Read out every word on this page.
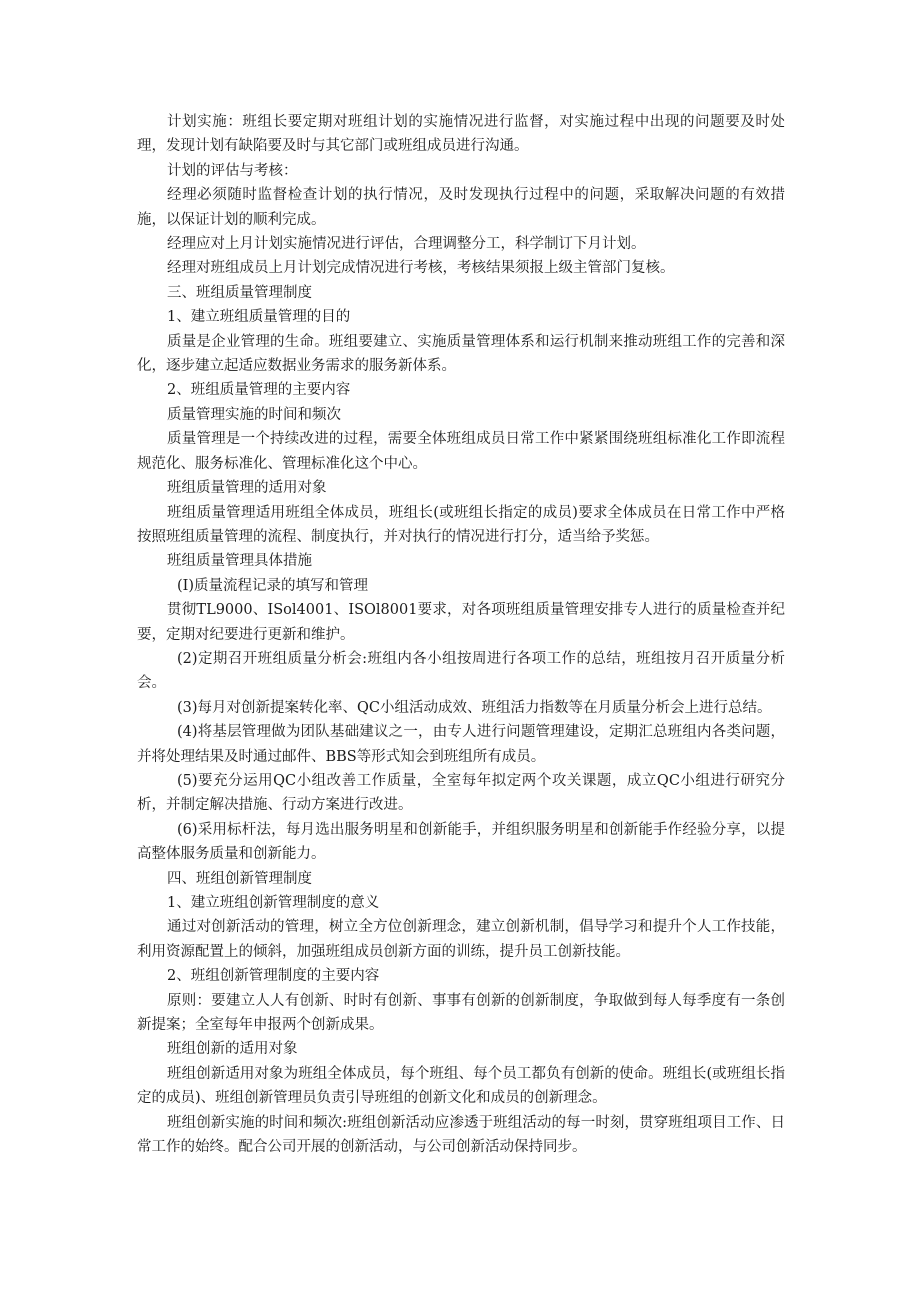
计划实施：班组长要定期对班组计划的实施情况进行监督，对实施过程中出现的问题要及时处理，发现计划有缺陷要及时与其它部门或班组成员进行沟通。

计划的评估与考核：

经理必须随时监督检查计划的执行情况，及时发现执行过程中的问题，采取解决问题的有效措施，以保证计划的顺利完成。

经理应对上月计划实施情况进行评估，合理调整分工，科学制订下月计划。

经理对班组成员上月计划完成情况进行考核，考核结果须报上级主管部门复核。

三、班组质量管理制度

1、建立班组质量管理的目的

质量是企业管理的生命。班组要建立、实施质量管理体系和运行机制来推动班组工作的完善和深化，逐步建立起适应数据业务需求的服务新体系。

2、班组质量管理的主要内容

质量管理实施的时间和频次

质量管理是一个持续改进的过程，需要全体班组成员日常工作中紧紧围绕班组标准化工作即流程规范化、服务标准化、管理标准化这个中心。

班组质量管理的适用对象

班组质量管理适用班组全体成员，班组长(或班组长指定的成员)要求全体成员在日常工作中严格按照班组质量管理的流程、制度执行，并对执行的情况进行打分，适当给予奖惩。

班组质量管理具体措施

(I)质量流程记录的填写和管理

贯彻TL9000、ISol4001、ISOl8001要求，对各项班组质量管理安排专人进行的质量检查并纪要，定期对纪要进行更新和维护。

(2)定期召开班组质量分析会:班组内各小组按周进行各项工作的总结，班组按月召开质量分析会。

(3)每月对创新提案转化率、QC小组活动成效、班组活力指数等在月质量分析会上进行总结。

(4)将基层管理做为团队基础建议之一，由专人进行问题管理建设，定期汇总班组内各类问题，并将处理结果及时通过邮件、BBS等形式知会到班组所有成员。

(5)要充分运用QC小组改善工作质量，全室每年拟定两个攻关课题，成立QC小组进行研究分析，并制定解决措施、行动方案进行改进。

(6)采用标杆法，每月选出服务明星和创新能手，并组织服务明星和创新能手作经验分享，以提高整体服务质量和创新能力。

四、班组创新管理制度

1、建立班组创新管理制度的意义

通过对创新活动的管理，树立全方位创新理念，建立创新机制，倡导学习和提升个人工作技能，利用资源配置上的倾斜，加强班组成员创新方面的训练，提升员工创新技能。

2、班组创新管理制度的主要内容

原则：要建立人人有创新、时时有创新、事事有创新的创新制度，争取做到每人每季度有一条创新提案；全室每年申报两个创新成果。

班组创新的适用对象

班组创新适用对象为班组全体成员，每个班组、每个员工都负有创新的使命。班组长(或班组长指定的成员)、班组创新管理员负责引导班组的创新文化和成员的创新理念。

班组创新实施的时间和频次:班组创新活动应渗透于班组活动的每一时刻，贯穿班组项目工作、日常工作的始终。配合公司开展的创新活动，与公司创新活动保持同步。
